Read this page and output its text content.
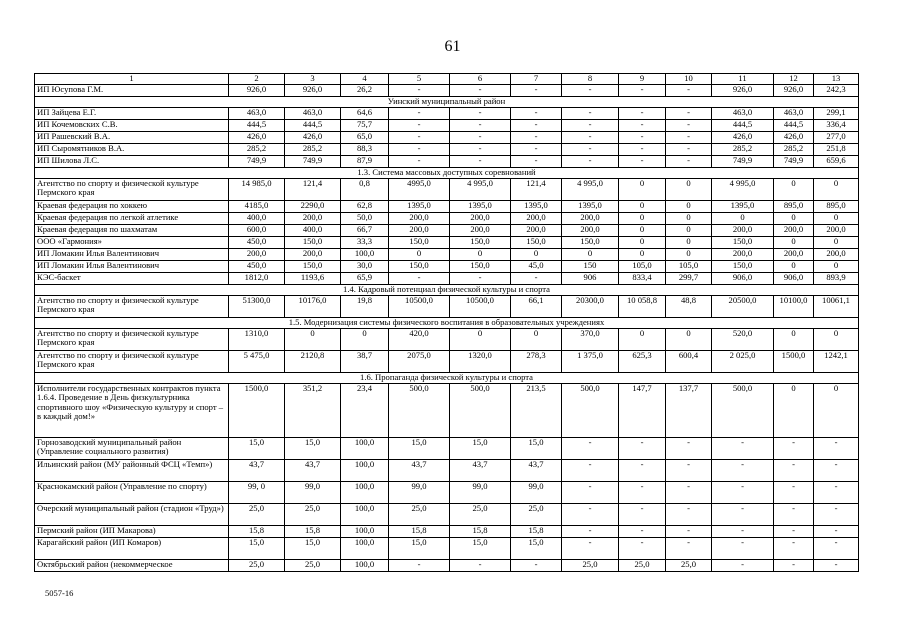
61
1	2	3	4	5	6	7	8	9	10	11	12	13
ИП Юсупова Г.М.	926,0	926,0	26,2	-	-	-	-	-	-	926,0	926,0	242,3
Уинский муниципальный район												
ИП Зайцева Е.Г.	463,0	463,0	64,6	-	-	-	-	-	-	463,0	463,0	299,1
ИП Кочемовских С.В.	444,5	444,5	75,7	-	-	-	-	-	-	444,5	444,5	336,4
ИП Рашевский В.А.	426,0	426,0	65,0	-	-	-	-	-	-	426,0	426,0	277,0
ИП Сыромятников В.А.	285,2	285,2	88,3	-	-	-	-	-	-	285,2	285,2	251,8
ИП Шилова Л.С.	749,9	749,9	87,9	-	-	-	-	-	-	749,9	749,9	659,6
1.3. Система массовых доступных соревнований												
Агентство по спорту и физической культуре Пермского края	14 985,0	121,4	0,8	4995,0	4 995,0	121,4	4 995,0	0	0	4 995,0	0	0
Краевая федерация по хоккею	4185,0	2290,0	62,8	1395,0	1395,0	1395,0	1395,0	0	0	1395,0	895,0	895,0
Краевая федерация по легкой атлетике	400,0	200,0	50,0	200,0	200,0	200,0	200,0	0	0	0	0	0
Краевая федерация по шахматам	600,0	400,0	66,7	200,0	200,0	200,0	200,0	0	0	200,0	200,0	200,0
ООО «Гармония»	450,0	150,0	33,3	150,0	150,0	150,0	150,0	0	0	150,0	0	0
ИП Ломакин Илья Валентинович	200,0	200,0	100,0	0	0	0	0	0	0	200,0	200,0	200,0
ИП Ломакин Илья Валентинович	450,0	150,0	30,0	150,0	150,0	45,0	150	105,0	105,0	150,0	0	0
КЭС-баскет	1812,0	1193,6	65,9	-	-	-	906	833,4	299,7	906,0	906,0	893,9
1.4. Кадровый потенциал физической культуры и спорта												
Агентство по спорту и физической культуре Пермского края	51300,0	10176,0	19,8	10500,0	10500,0	66,1	20300,0	10 058,8	48,8	20500,0	10100,0	10061,1
1.5. Модернизация системы физического воспитания в образовательных учреждениях												
Агентство по спорту и физической культуре Пермского края	1310,0	0	0	420,0	0	0	370,0	0	0	520,0	0	0
Агентство по спорту и физической культуре Пермского края	5 475,0	2120,8	38,7	2075,0	1320,0	278,3	1 375,0	625,3	600,4	2 025,0	1500,0	1242,1
1.6. Пропаганда физической культуры и спорта												
Исполнители государственных контрактов пункта 1.6.4. Проведение в День физкультурника спортивного шоу «Физическую культуру и спорт – в каждый дом!»	1500,0	351,2	23,4	500,0	500,0	213,5	500,0	147,7	137,7	500,0	0	0
Горнозаводский муниципальный район (Управление социального развития)	15,0	15,0	100,0	15,0	15,0	15,0	-	-	-	-	-	-
Ильинский район (МУ районный ФСЦ «Темп»)	43,7	43,7	100,0	43,7	43,7	43,7	-	-	-	-	-	-
Краснокамский район (Управление по спорту)	99, 0	99,0	100,0	99,0	99,0	99,0	-	-	-	-	-	-
Очерский муниципальный район (стадион «Труд»)	25,0	25,0	100,0	25,0	25,0	25,0	-	-	-	-	-	-
Пермский район (ИП Макарова)	15,8	15,8	100,0	15,8	15,8	15,8	-	-	-	-	-	-
Карагайский район (ИП Комаров)	15,0	15,0	100,0	15,0	15,0	15,0	-	-	-	-	-	-
Октябрьский район (некоммерческое	25,0	25,0	100,0	-	-	-	25,0	25,0	25,0	-	-	-
5057-16
